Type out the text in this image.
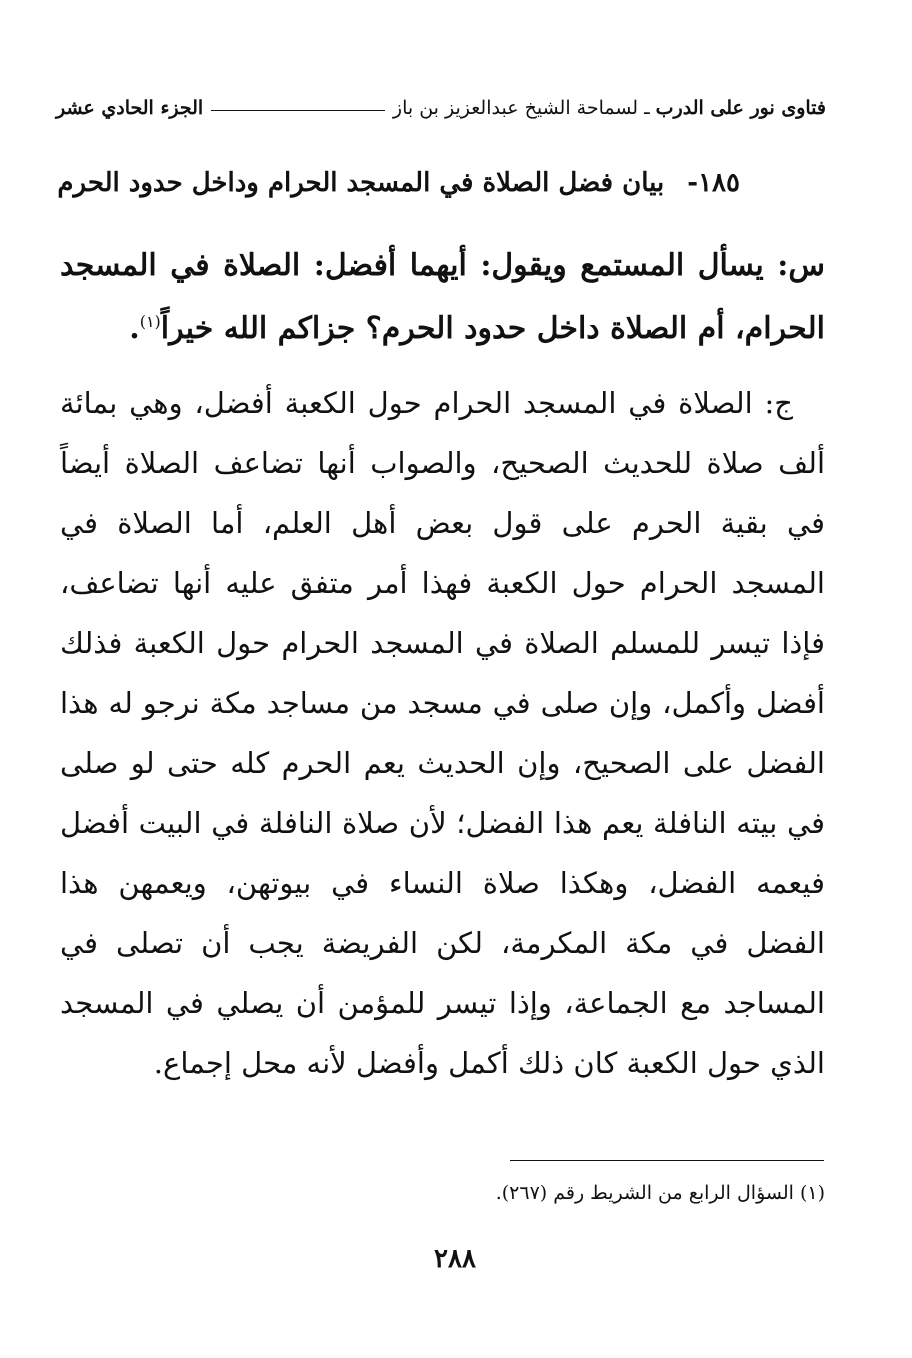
فتاوى نور على الدرب
ـ
لسماحة الشيخ عبدالعزيز بن باز
الجزء الحادي عشر
١٨٥- بيان فضل الصلاة في المسجد الحرام وداخل حدود الحرم
س: يسأل المستمع ويقول: أيهما أفضل: الصلاة في المسجد الحرام، أم الصلاة داخل حدود الحرم؟ جزاكم الله خيراً$^{(١)}$.

ج: الصلاة في المسجد الحرام حول الكعبة أفضل، وهي بمائة ألف صلاة للحديث الصحيح، والصواب أنها تضاعف الصلاة أيضاً في بقية الحرم على قول بعض أهل العلم، أما الصلاة في المسجد الحرام حول الكعبة فهذا أمر متفق عليه أنها تضاعف، فإذا تيسر للمسلم الصلاة في المسجد الحرام حول الكعبة فذلك أفضل وأكمل، وإن صلى في مسجد من مساجد مكة نرجو له هذا الفضل على الصحيح، وإن الحديث يعم الحرم كله حتى لو صلى في بيته النافلة يعم هذا الفضل؛ لأن صلاة النافلة في البيت أفضل فيعمه الفضل، وهكذا صلاة النساء في بيوتهن، ويعمهن هذا الفضل في مكة المكرمة، لكن الفريضة يجب أن تصلى في المساجد مع الجماعة، وإذا تيسر للمؤمن أن يصلي في المسجد الذي حول الكعبة كان ذلك أكمل وأفضل لأنه محل إجماع.

(١) السؤال الرابع من الشريط رقم (٢٦٧).
٢٨٨
